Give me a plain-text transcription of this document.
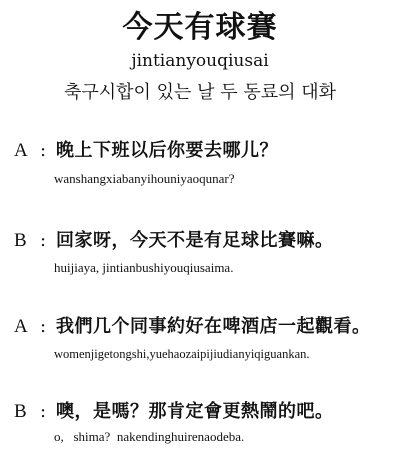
今天有球賽
jintianyouqiusai
축구시합이 있는 날 두 동료의 대화
A : 晚上下班以后你要去哪儿？
wanshangxiabanyihouniyaoqunar?
B : 回家呀，今天不是有足球比賽嘛。
huijiaya, jintianbushiyouqiusaima.
A : 我們几个同事約好在啤酒店一起觀看。
womenjigetongshi,yuehaozaipijiudianyiqiguankan.
B : 噢，是嗎？那肯定會更熱鬧的吧。
o,   shima?  nakendinghuirenaodeba.
